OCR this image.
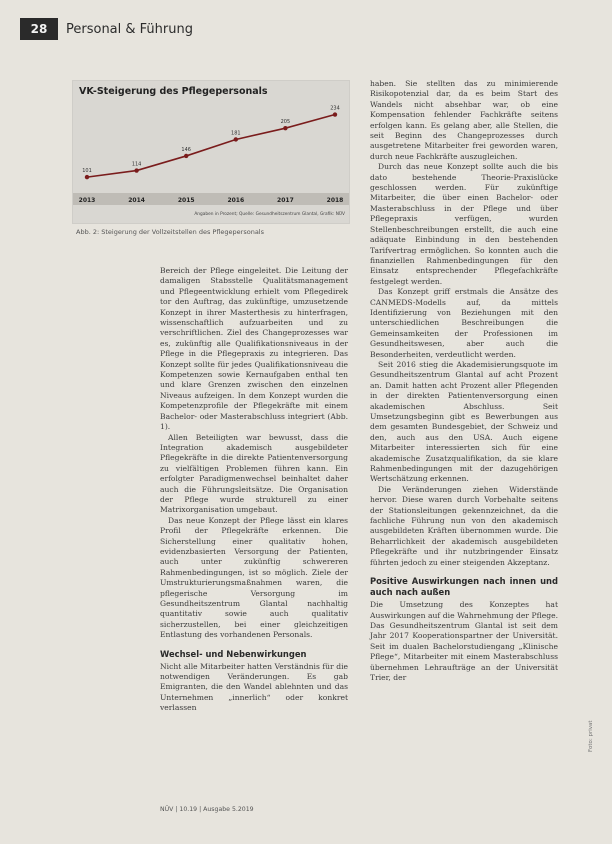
28	Personal & Führung
VK-Steigerung des Pflegepersonals
101
2013
114
2014
146
2015
181
2016
205
2017
234
2018
Angaben in Prozent; Quelle: Gesundheitszentrum Glantal, Grafik: NÜV
Abb. 2: Steigerung der Vollzeitstellen des Pflegepersonals

Bereich der Pflege eingeleitet. Die Leitung der damaligen Stabsstelle Qualitätsmanagement und Pflegeentwicklung erhielt vom Pflegedirek tor den Auftrag, das zukünftige, umzusetzende Konzept in ihrer Masterthesis zu hinterfragen, wissenschaftlich aufzuarbeiten und zu verschriftlichen. Ziel des Changeprozesses war es, zukünftig alle Qualifikationsniveaus in der Pflege in die Pflegepraxis zu integrieren. Das Konzept sollte für jedes Qualifikationsniveau die Kompetenzen sowie Kernaufgaben enthal ten und klare Grenzen zwischen den einzelnen Niveaus aufzeigen. In dem Konzept wurden die Kompetenzprofile der Pflegekräfte mit einem Bachelor- oder Masterabschluss integriert (Abb. 1).

Allen Beteiligten war bewusst, dass die Integration akademisch ausgebildeter Pflegekräfte in die direkte Patientenversorgung zu vielfältigen Problemen führen kann. Ein erfolgter Paradigmenwechsel beinhaltet daher auch die Führungsleitsätze. Die Organisation der Pflege wurde strukturell zu einer Matrixorganisation umgebaut.

Das neue Konzept der Pflege lässt ein klares Profil der Pflegekräfte erkennen. Die Sicherstellung einer qualitativ hohen, evidenzbasierten Versorgung der Patienten, auch unter zukünftig schwereren Rahmenbedingungen, ist so möglich. Ziele der Umstrukturierungsmaßnahmen waren, die pflegerische Versorgung im Gesundheitszentrum Glantal nachhaltig quantitativ sowie auch qualitativ sicherzustellen, bei einer gleichzeitigen Entlastung des vorhandenen Personals.

Wechsel- und Nebenwirkungen

Nicht alle Mitarbeiter hatten Verständnis für die notwendigen Veränderungen. Es gab Emigranten, die den Wandel ablehnten und das Unternehmen „innerlich“ oder konkret verlassen

haben. Sie stellten das zu minimierende Risikopotenzial dar, da es beim Start des Wandels nicht absehbar war, ob eine Kompensation fehlender Fachkräfte seitens erfolgen kann. Es gelang aber, alle Stellen, die seit Beginn des Changeprozesses durch ausgetretene Mitarbeiter frei geworden waren, durch neue Fachkräfte auszugleichen.

Durch das neue Konzept sollte auch die bis dato bestehende Theorie-Praxislücke geschlossen werden. Für zukünftige Mitarbeiter, die über einen Bachelor- oder Masterabschluss in der Pflege und über Pflegepraxis verfügen, wurden Stellenbeschreibungen erstellt, die auch eine adäquate Einbindung in den bestehenden Tarifvertrag ermöglichen. So konnten auch die finanziellen Rahmenbedingungen für den Einsatz entsprechender Pflegefachkräfte festgelegt werden.

Das Konzept griff erstmals die Ansätze des CANMEDS-Modells auf, da mittels Identifizierung von Beziehungen mit den unterschiedlichen Beschreibungen die Gemeinsamkeiten der Professionen im Gesundheitswesen, aber auch die Besonderheiten, verdeutlicht werden.

Seit 2016 stieg die Akademisierungsquote im Gesundheitszentrum Glantal auf acht Prozent an. Damit hatten acht Prozent aller Pflegenden in der direkten Patientenversorgung einen akademischen Abschluss. Seit Umsetzungsbeginn gibt es Bewerbungen aus dem gesamten Bundesgebiet, der Schweiz und den, auch aus den USA. Auch eigene Mitarbeiter interessierten sich für eine akademische Zusatzqualifikation, da sie klare Rahmenbedingungen mit der dazugehörigen Wertschätzung erkennen.

Die Veränderungen ziehen Widerstände hervor. Diese waren durch Vorbehalte seitens der Stationsleitungen gekennzeichnet, da die fachliche Führung nun von den akademisch ausgebildeten Kräften übernommen wurde. Die Beharrlichkeit der akademisch ausgebildeten Pflegekräfte und ihr nutzbringender Einsatz führten jedoch zu einer steigenden Akzeptanz.

Positive Auswirkungen nach innen und auch nach außen

Die Umsetzung des Konzeptes hat Auswirkungen auf die Wahrnehmung der Pflege. Das Gesundheitszentrum Glantal ist seit dem Jahr 2017 Kooperationspartner der Universität. Seit im dualen Bachelorstudiengang „Klinische Pflege“, Mitarbeiter mit einem Masterabschluss übernehmen Lehraufträge an der Universität Trier, der

NÜV | 10.19 | Ausgabe 5.2019
Foto: privat
